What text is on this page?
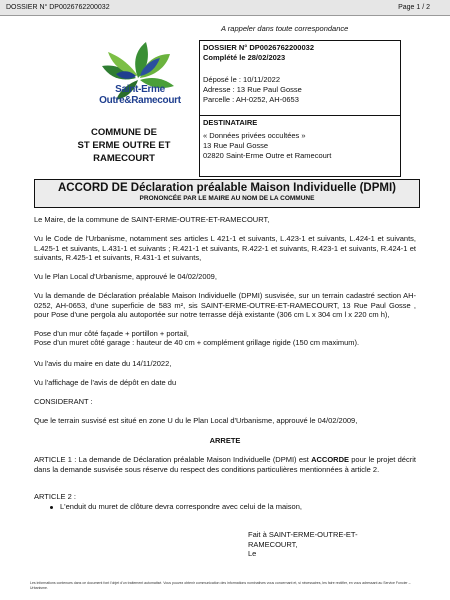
DOSSIER N° DP0026762200032	Page 1 / 2
A rappeler dans toute correspondance
Saint-Erme
Outre&Ramecourt
COMMUNE DE
ST ERME OUTRE ET
RAMECOURT
DOSSIER N° DP0026762200032
Complété le 28/02/2023
Déposé le : 10/11/2022
Adresse : 13 Rue Paul Gosse
Parcelle : AH-0252, AH-0653
DESTINATAIRE
« Données privées occultées »
13 Rue Paul Gosse
02820 Saint-Erme Outre et Ramecourt
ACCORD DE Déclaration préalable Maison Individuelle (DPMI)
PRONONCÉE PAR LE MAIRE AU NOM DE LA COMMUNE
Le Maire, de la commune de SAINT-ERME-OUTRE-ET-RAMECOURT,
Vu le Code de l'Urbanisme, notamment ses articles L 421-1 et suivants, L.423-1 et suivants, L.424-1 et suivants, L.425-1 et suivants, L.431-1 et suivants ; R.421-1 et suivants, R.422-1 et suivants, R.423-1 et suivants, R.424-1 et suivants, R.425-1 et suivants, R.431-1 et suivants,
Vu le Plan Local d'Urbanisme, approuvé le 04/02/2009,
Vu la demande de Déclaration préalable Maison Individuelle (DPMI) susvisée, sur un terrain cadastré section AH-0252, AH-0653, d'une superficie de 583 m², sis SAINT-ERME-OUTRE-ET-RAMECOURT, 13 Rue Paul Gosse , pour Pose d'une pergola alu autoportée sur notre terrasse déjà existante (306 cm L x 304 cm l x 220 cm h),
Pose d'un mur côté façade + portillon + portail,
Pose d'un muret côté garage : hauteur de 40 cm + complément grillage rigide (150 cm maximum).
Vu l'avis du maire en date du 14/11/2022,
Vu l'affichage de l'avis de dépôt en date du
CONSIDERANT :
Que le terrain susvisé est situé en zone U du le Plan Local d'Urbanisme, approuvé le 04/02/2009,
ARRETE
ARTICLE 1 : La demande de Déclaration préalable Maison Individuelle (DPMI) est ACCORDE pour le projet décrit dans la demande susvisée sous réserve du respect des conditions particulières mentionnées à article 2.
ARTICLE 2 :
L'enduit du muret de clôture devra correspondre avec celui de la maison,
Fait à SAINT-ERME-OUTRE-ET-
RAMECOURT,
Le
Les informations contenues dans ce document font l'objet d'un traitement automatisé. Vous pouvez obtenir communication des informations nominatives vous concernant et, si nécessaires, les faire rectifier, en vous adressant au Service Foncier – Urbanisme.
